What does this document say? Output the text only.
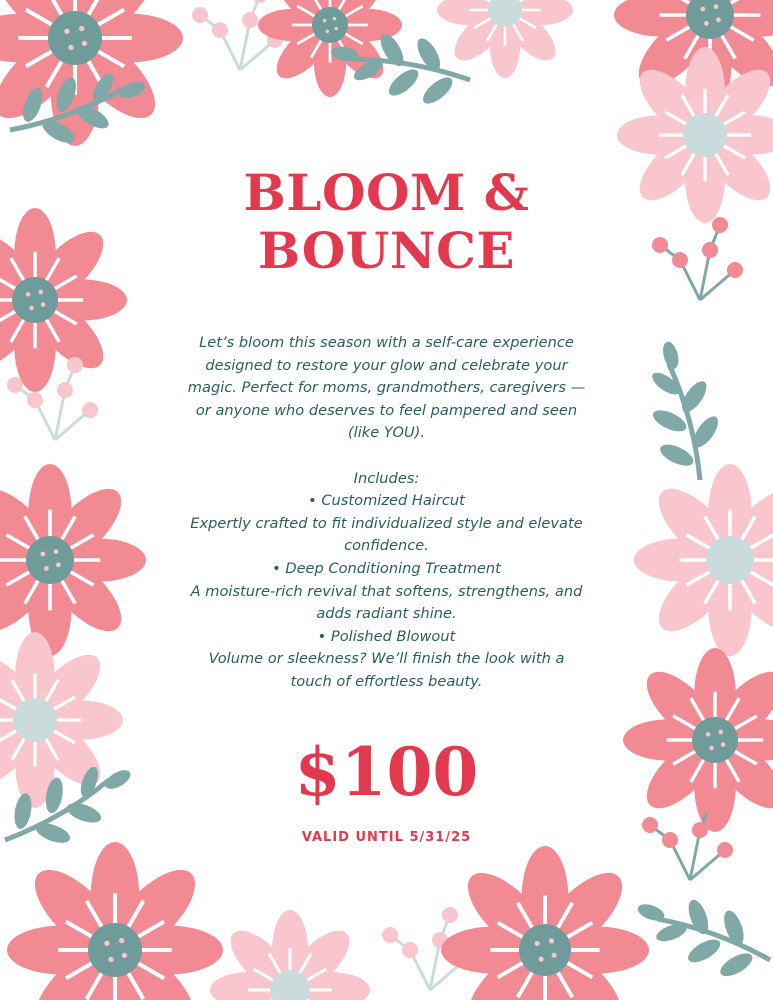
BLOOM &
BOUNCE

Let’s bloom this season with a self-care experience

designed to restore your glow and celebrate your

magic. Perfect for moms, grandmothers, caregivers —

or anyone who deserves to feel pampered and seen

(like YOU).

Includes:

• Customized Haircut

Expertly crafted to fit individualized style and elevate

confidence.

• Deep Conditioning Treatment

A moisture-rich revival that softens, strengthens, and

adds radiant shine.

• Polished Blowout

Volume or sleekness? We’ll finish the look with a

touch of effortless beauty.

$100
VALID UNTIL 5/31/25
